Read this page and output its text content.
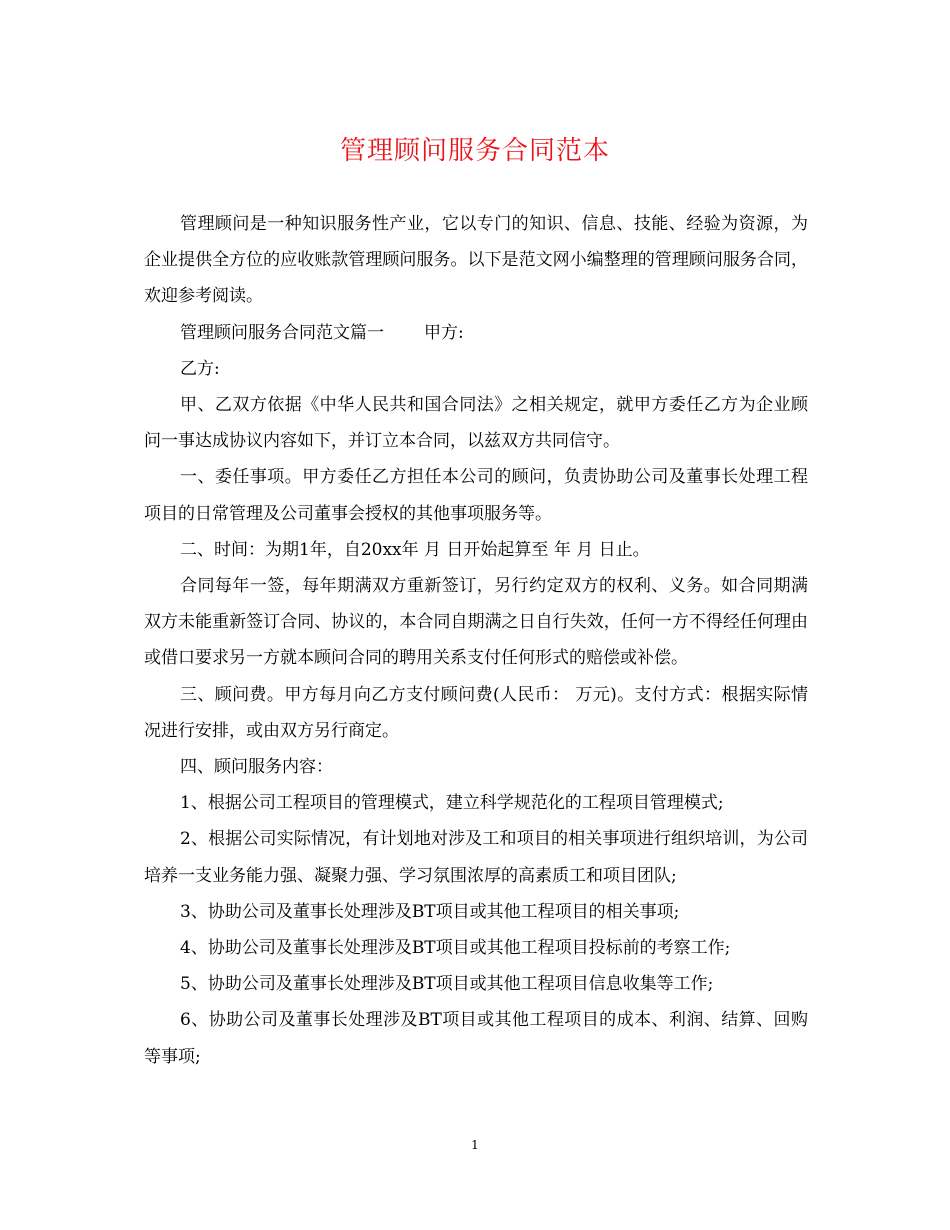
管理顾问服务合同范本

管理顾问是一种知识服务性产业，它以专门的知识、信息、技能、经验为资源，为企业提供全方位的应收账款管理顾问服务。以下是范文网小编整理的管理顾问服务合同，欢迎参考阅读。

管理顾问服务合同范文篇一 甲方:

乙方:

甲、乙双方依据《中华人民共和国合同法》之相关规定，就甲方委任乙方为企业顾问一事达成协议内容如下，并订立本合同，以兹双方共同信守。

一、委任事项。甲方委任乙方担任本公司的顾问，负责协助公司及董事长处理工程项目的日常管理及公司董事会授权的其他事项服务等。

二、时间：为期1年，自20xx年 月 日开始起算至 年 月 日止。

合同每年一签，每年期满双方重新签订，另行约定双方的权利、义务。如合同期满双方未能重新签订合同、协议的，本合同自期满之日自行失效，任何一方不得经任何理由或借口要求另一方就本顾问合同的聘用关系支付任何形式的赔偿或补偿。

三、顾问费。甲方每月向乙方支付顾问费(人民币： 万元)。支付方式：根据实际情况进行安排，或由双方另行商定。

四、顾问服务内容：

1、根据公司工程项目的管理模式，建立科学规范化的工程项目管理模式;

2、根据公司实际情况，有计划地对涉及工和项目的相关事项进行组织培训，为公司培养一支业务能力强、凝聚力强、学习氛围浓厚的高素质工和项目团队;

3、协助公司及董事长处理涉及BT项目或其他工程项目的相关事项;

4、协助公司及董事长处理涉及BT项目或其他工程项目投标前的考察工作;

5、协助公司及董事长处理涉及BT项目或其他工程项目信息收集等工作;

6、协助公司及董事长处理涉及BT项目或其他工程项目的成本、利润、结算、回购等事项;

1
